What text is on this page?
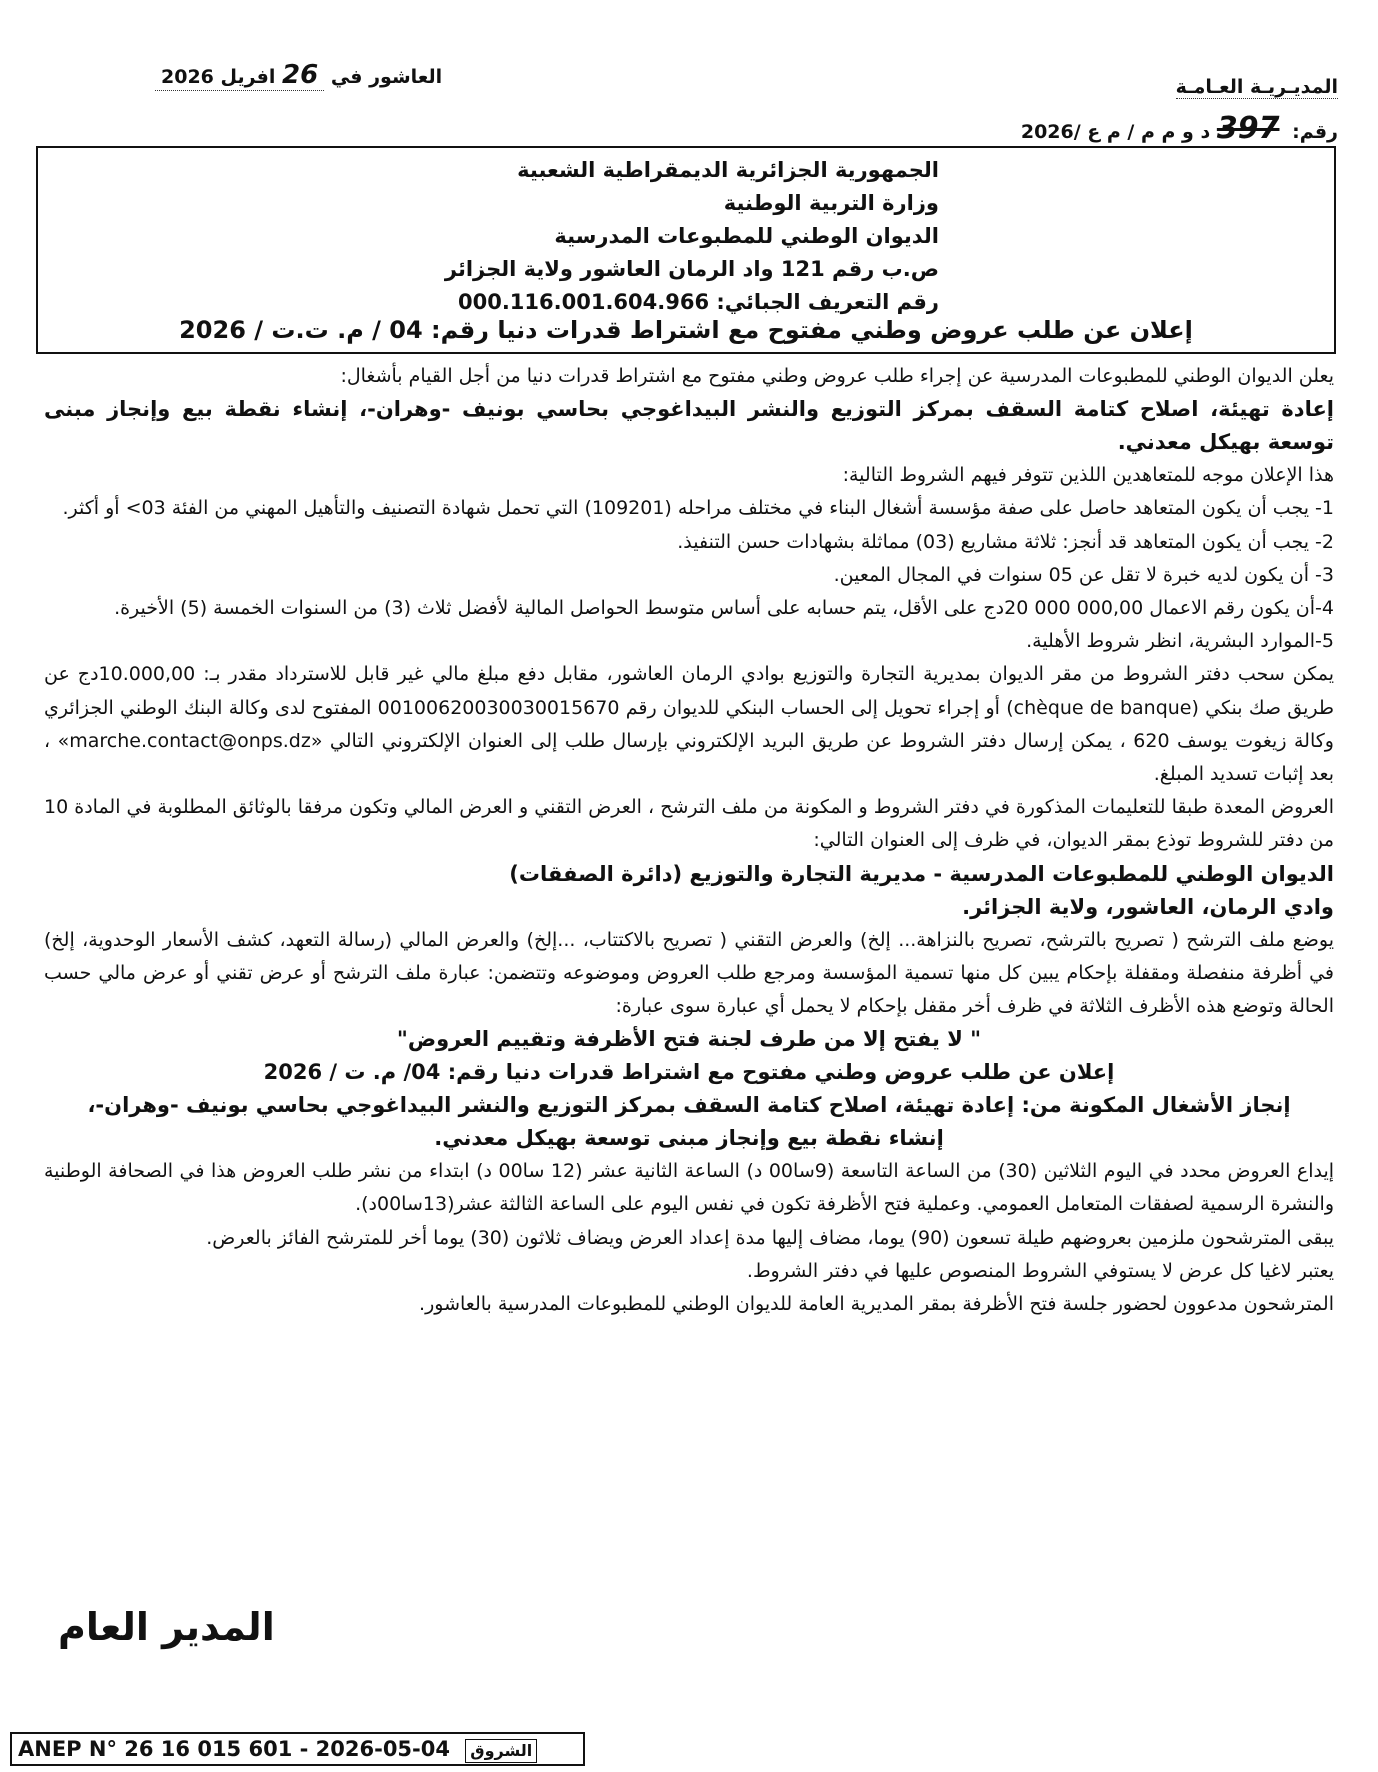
المديـريـة العـامـة
رقم: 397 د و م م / م ع /2026
العاشور في 26 افريل 2026
الجمهورية الجزائرية الديمقراطية الشعبية
وزارة التربية الوطنية
الديوان الوطني للمطبوعات المدرسية
ص.ب رقم 121 واد الرمان العاشور ولاية الجزائر
رقم التعريف الجبائي: 000.116.001.604.966
إعلان عن طلب عروض وطني مفتوح مع اشتراط قدرات دنيا رقم: 04 / م. ت.ت / 2026

يعلن الديوان الوطني للمطبوعات المدرسية عن إجراء طلب عروض وطني مفتوح مع اشتراط قدرات دنيا من أجل القيام بأشغال:

إعادة تهيئة، اصلاح كتامة السقف بمركز التوزيع والنشر البيداغوجي بحاسي بونيف -وهران-، إنشاء نقطة بيع وإنجاز مبنى توسعة بهيكل معدني.

هذا الإعلان موجه للمتعاهدين اللذين تتوفر فيهم الشروط التالية:

1- يجب أن يكون المتعاهد حاصل على صفة مؤسسة أشغال البناء في مختلف مراحله (109201) التي تحمل شهادة التصنيف والتأهيل المهني من الفئة 03> أو أكثر.

2- يجب أن يكون المتعاهد قد أنجز: ثلاثة مشاريع (03) مماثلة بشهادات حسن التنفيذ.

3- أن يكون لديه خبرة لا تقل عن 05 سنوات في المجال المعين.

4-أن يكون رقم الاعمال 000,00 000 20دج على الأقل، يتم حسابه على أساس متوسط الحواصل المالية لأفضل ثلاث (3) من السنوات الخمسة (5) الأخيرة.

5-الموارد البشرية، انظر شروط الأهلية.

يمكن سحب دفتر الشروط من مقر الديوان بمديرية التجارة والتوزيع بوادي الرمان العاشور، مقابل دفع مبلغ مالي غير قابل للاسترداد مقدر بـ: 10.000,00دج عن طريق صك بنكي (chèque de banque) أو إجراء تحويل إلى الحساب البنكي للديوان رقم 00100620030030015670 المفتوح لدى وكالة البنك الوطني الجزائري وكالة زيغوت يوسف 620 ، يمكن إرسال دفتر الشروط عن طريق البريد الإلكتروني بإرسال طلب إلى العنوان الإلكتروني التالي «marche.contact@onps.dz» ، بعد إثبات تسديد المبلغ.

العروض المعدة طبقا للتعليمات المذكورة في دفتر الشروط و المكونة من ملف الترشح ، العرض التقني و العرض المالي وتكون مرفقا بالوثائق المطلوبة في المادة 10 من دفتر للشروط توذع بمقر الديوان، في ظرف إلى العنوان التالي:

الديوان الوطني للمطبوعات المدرسية - مديرية التجارة والتوزيع (دائرة الصفقات)

وادي الرمان، العاشور، ولاية الجزائر.

يوضع ملف الترشح ( تصريح بالترشح، تصريح بالنزاهة... إلخ) والعرض التقني ( تصريح بالاكتتاب، ...إلخ) والعرض المالي (رسالة التعهد، كشف الأسعار الوحدوية، إلخ) في أظرفة منفصلة ومقفلة بإحكام يبين كل منها تسمية المؤسسة ومرجع طلب العروض وموضوعه وتتضمن: عبارة ملف الترشح أو عرض تقني أو عرض مالي حسب الحالة وتوضع هذه الأظرف الثلاثة في ظرف أخر مقفل بإحكام لا يحمل أي عبارة سوى عبارة:

" لا يفتح إلا من طرف لجنة فتح الأظرفة وتقييم العروض"

إعلان عن طلب عروض وطني مفتوح مع اشتراط قدرات دنيا رقم: 04/ م. ت / 2026

إنجاز الأشغال المكونة من: إعادة تهيئة، اصلاح كتامة السقف بمركز التوزيع والنشر البيداغوجي بحاسي بونيف -وهران-،

إنشاء نقطة بيع وإنجاز مبنى توسعة بهيكل معدني.

إيداع العروض محدد في اليوم الثلاثين (30) من الساعة التاسعة (9سا00 د) الساعة الثانية عشر (12 سا00 د) ابتداء من نشر طلب العروض هذا في الصحافة الوطنية والنشرة الرسمية لصفقات المتعامل العمومي. وعملية فتح الأظرفة تكون في نفس اليوم على الساعة الثالثة عشر(13سا00د).

يبقى المترشحون ملزمين بعروضهم طيلة تسعون (90) يوما، مضاف إليها مدة إعداد العرض ويضاف ثلاثون (30) يوما أخر للمترشح الفائز بالعرض.

يعتبر لاغيا كل عرض لا يستوفي الشروط المنصوص عليها في دفتر الشروط.

المترشحون مدعوون لحضور جلسة فتح الأظرفة بمقر المديرية العامة للديوان الوطني للمطبوعات المدرسية بالعاشور.

المدير العام
ANEP N° 26 16 015 601 - 2026-05-04 الشروق
